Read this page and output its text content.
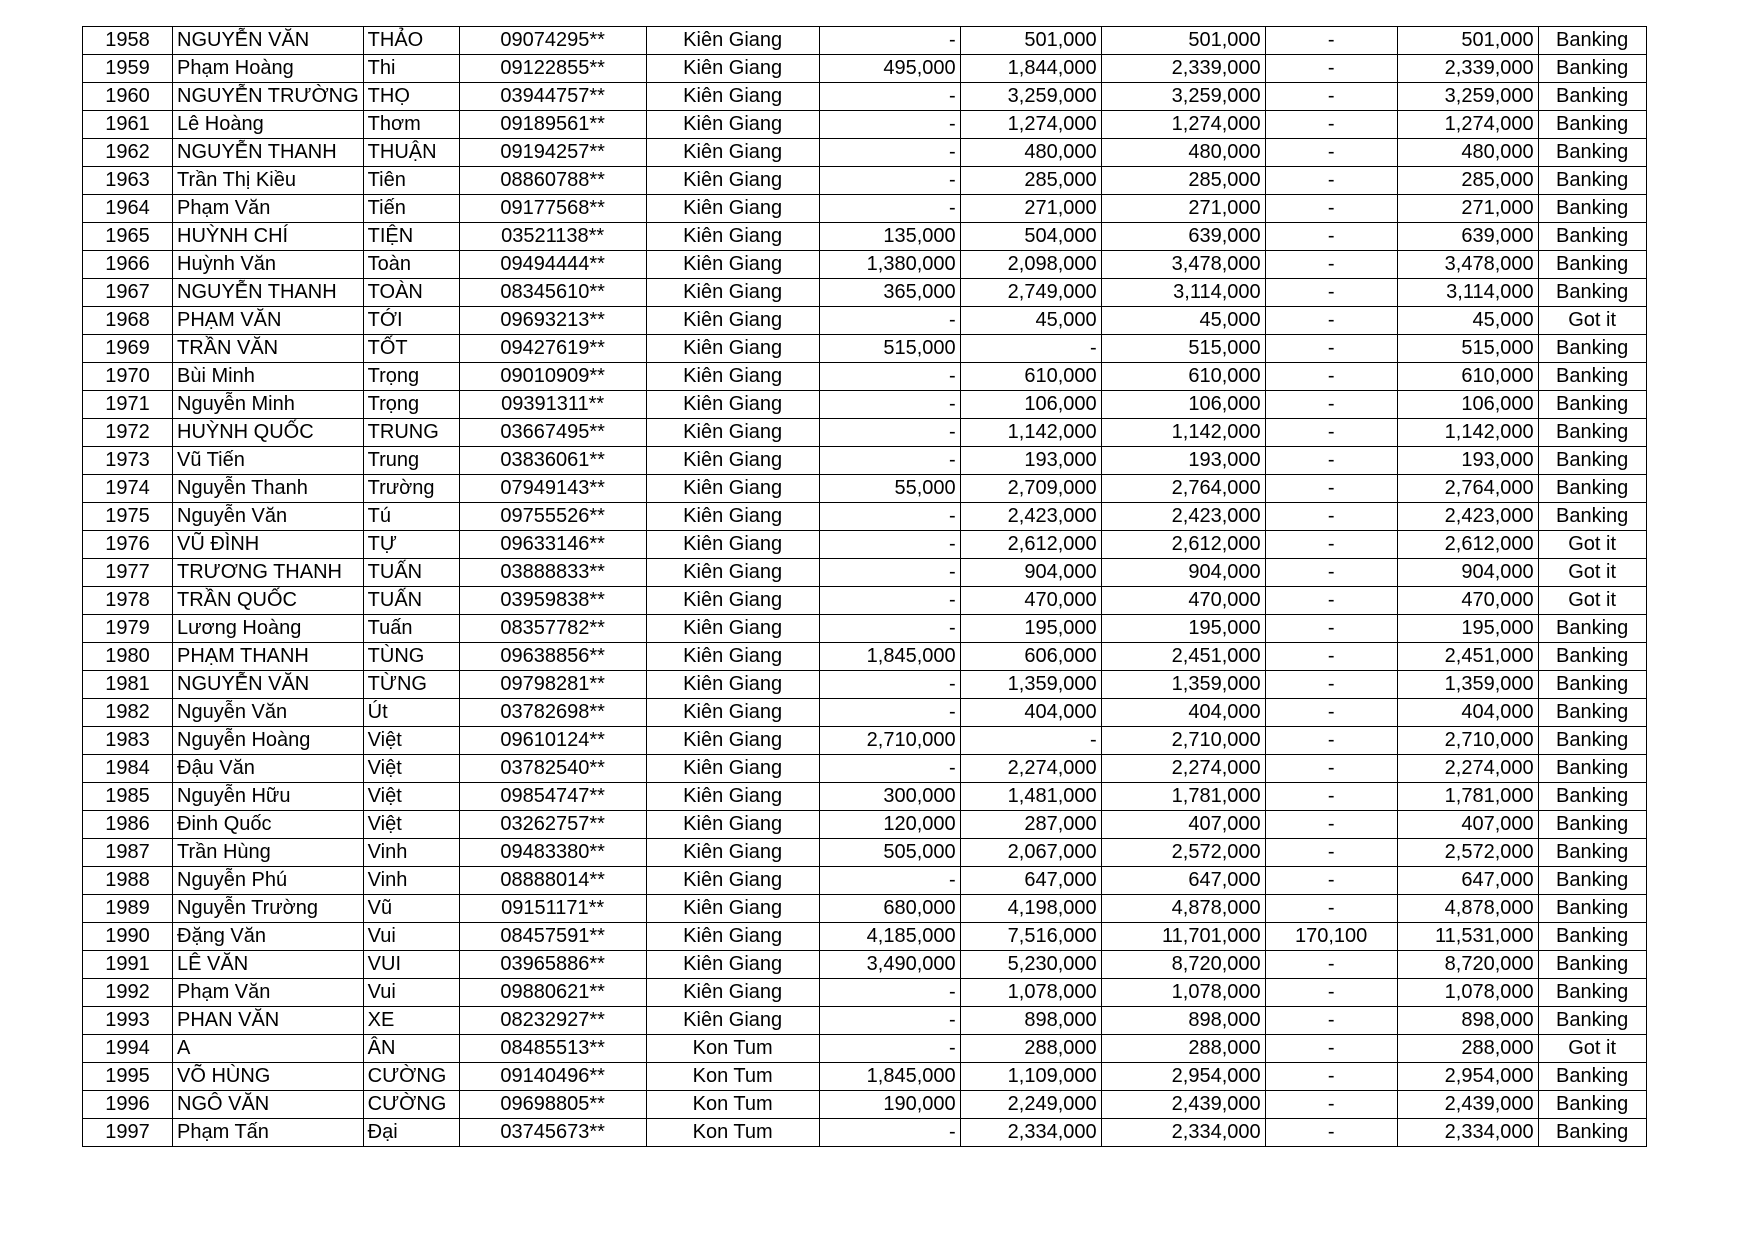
1958	NGUYỄN VĂN	THẢO	09074295**	Kiên Giang	-	501,000	501,000	-	501,000	Banking
1959	Phạm Hoàng	Thi	09122855**	Kiên Giang	495,000	1,844,000	2,339,000	-	2,339,000	Banking
1960	NGUYỄN TRƯỜNG	THỌ	03944757**	Kiên Giang	-	3,259,000	3,259,000	-	3,259,000	Banking
1961	Lê Hoàng	Thơm	09189561**	Kiên Giang	-	1,274,000	1,274,000	-	1,274,000	Banking
1962	NGUYỄN THANH	THUẬN	09194257**	Kiên Giang	-	480,000	480,000	-	480,000	Banking
1963	Trần Thị Kiều	Tiên	08860788**	Kiên Giang	-	285,000	285,000	-	285,000	Banking
1964	Phạm Văn	Tiến	09177568**	Kiên Giang	-	271,000	271,000	-	271,000	Banking
1965	HUỲNH CHÍ	TIỆN	03521138**	Kiên Giang	135,000	504,000	639,000	-	639,000	Banking
1966	Huỳnh Văn	Toàn	09494444**	Kiên Giang	1,380,000	2,098,000	3,478,000	-	3,478,000	Banking
1967	NGUYỄN THANH	TOÀN	08345610**	Kiên Giang	365,000	2,749,000	3,114,000	-	3,114,000	Banking
1968	PHẠM VĂN	TỚI	09693213**	Kiên Giang	-	45,000	45,000	-	45,000	Got it
1969	TRẦN VĂN	TỐT	09427619**	Kiên Giang	515,000	-	515,000	-	515,000	Banking
1970	Bùi Minh	Trọng	09010909**	Kiên Giang	-	610,000	610,000	-	610,000	Banking
1971	Nguyễn Minh	Trọng	09391311**	Kiên Giang	-	106,000	106,000	-	106,000	Banking
1972	HUỲNH QUỐC	TRUNG	03667495**	Kiên Giang	-	1,142,000	1,142,000	-	1,142,000	Banking
1973	Vũ Tiến	Trung	03836061**	Kiên Giang	-	193,000	193,000	-	193,000	Banking
1974	Nguyễn Thanh	Trường	07949143**	Kiên Giang	55,000	2,709,000	2,764,000	-	2,764,000	Banking
1975	Nguyễn Văn	Tú	09755526**	Kiên Giang	-	2,423,000	2,423,000	-	2,423,000	Banking
1976	VŨ ĐÌNH	TỰ	09633146**	Kiên Giang	-	2,612,000	2,612,000	-	2,612,000	Got it
1977	TRƯƠNG THANH	TUẤN	03888833**	Kiên Giang	-	904,000	904,000	-	904,000	Got it
1978	TRẦN QUỐC	TUẤN	03959838**	Kiên Giang	-	470,000	470,000	-	470,000	Got it
1979	Lương Hoàng	Tuấn	08357782**	Kiên Giang	-	195,000	195,000	-	195,000	Banking
1980	PHẠM THANH	TÙNG	09638856**	Kiên Giang	1,845,000	606,000	2,451,000	-	2,451,000	Banking
1981	NGUYỄN VĂN	TỪNG	09798281**	Kiên Giang	-	1,359,000	1,359,000	-	1,359,000	Banking
1982	Nguyễn Văn	Út	03782698**	Kiên Giang	-	404,000	404,000	-	404,000	Banking
1983	Nguyễn Hoàng	Việt	09610124**	Kiên Giang	2,710,000	-	2,710,000	-	2,710,000	Banking
1984	Đậu Văn	Việt	03782540**	Kiên Giang	-	2,274,000	2,274,000	-	2,274,000	Banking
1985	Nguyễn Hữu	Việt	09854747**	Kiên Giang	300,000	1,481,000	1,781,000	-	1,781,000	Banking
1986	Đinh Quốc	Việt	03262757**	Kiên Giang	120,000	287,000	407,000	-	407,000	Banking
1987	Trần Hùng	Vinh	09483380**	Kiên Giang	505,000	2,067,000	2,572,000	-	2,572,000	Banking
1988	Nguyễn Phú	Vinh	08888014**	Kiên Giang	-	647,000	647,000	-	647,000	Banking
1989	Nguyễn Trường	Vũ	09151171**	Kiên Giang	680,000	4,198,000	4,878,000	-	4,878,000	Banking
1990	Đặng Văn	Vui	08457591**	Kiên Giang	4,185,000	7,516,000	11,701,000	170,100	11,531,000	Banking
1991	LÊ VĂN	VUI	03965886**	Kiên Giang	3,490,000	5,230,000	8,720,000	-	8,720,000	Banking
1992	Phạm Văn	Vui	09880621**	Kiên Giang	-	1,078,000	1,078,000	-	1,078,000	Banking
1993	PHAN VĂN	XE	08232927**	Kiên Giang	-	898,000	898,000	-	898,000	Banking
1994	A	ÂN	08485513**	Kon Tum	-	288,000	288,000	-	288,000	Got it
1995	VÕ HÙNG	CƯỜNG	09140496**	Kon Tum	1,845,000	1,109,000	2,954,000	-	2,954,000	Banking
1996	NGÔ VĂN	CƯỜNG	09698805**	Kon Tum	190,000	2,249,000	2,439,000	-	2,439,000	Banking
1997	Phạm Tấn	Đại	03745673**	Kon Tum	-	2,334,000	2,334,000	-	2,334,000	Banking
